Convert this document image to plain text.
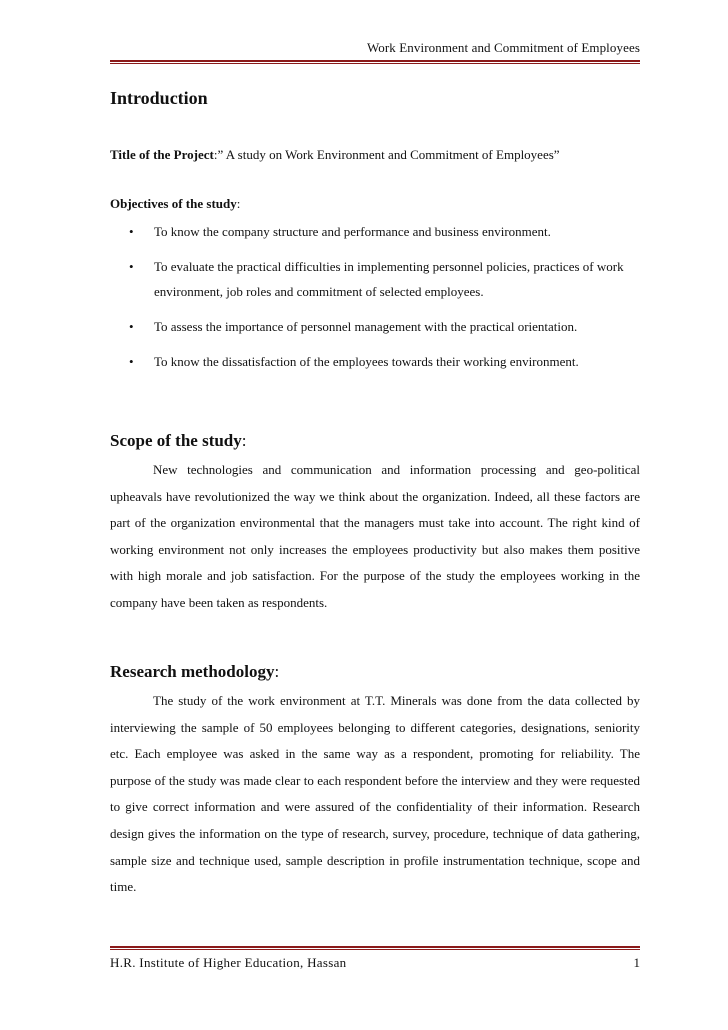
Work Environment and Commitment of Employees
Introduction
Title of the Project:” A study on Work Environment and Commitment of Employees”
Objectives of the study:
• To know the company structure and performance and business environment.
• To evaluate the practical difficulties in implementing personnel policies, practices of work environment, job roles and commitment of selected employees.
• To assess the importance of personnel management with the practical orientation.
• To know the dissatisfaction of the employees towards their working environment.
Scope of the study:

New technologies and communication and information processing and geo-political upheavals have revolutionized the way we think about the organization. Indeed, all these factors are part of the organization environmental that the managers must take into account. The right kind of working environment not only increases the employees productivity but also makes them positive with high morale and job satisfaction. For the purpose of the study the employees working in the company have been taken as respondents.

Research methodology:

The study of the work environment at T.T. Minerals was done from the data collected by interviewing the sample of 50 employees belonging to different categories, designations, seniority etc. Each employee was asked in the same way as a respondent, promoting for reliability. The purpose of the study was made clear to each respondent before the interview and they were requested to give correct information and were assured of the confidentiality of their information. Research design gives the information on the type of research, survey, procedure, technique of data gathering, sample size and technique used, sample description in profile instrumentation technique, scope and time.

H.R. Institute of Higher Education, Hassan	1
